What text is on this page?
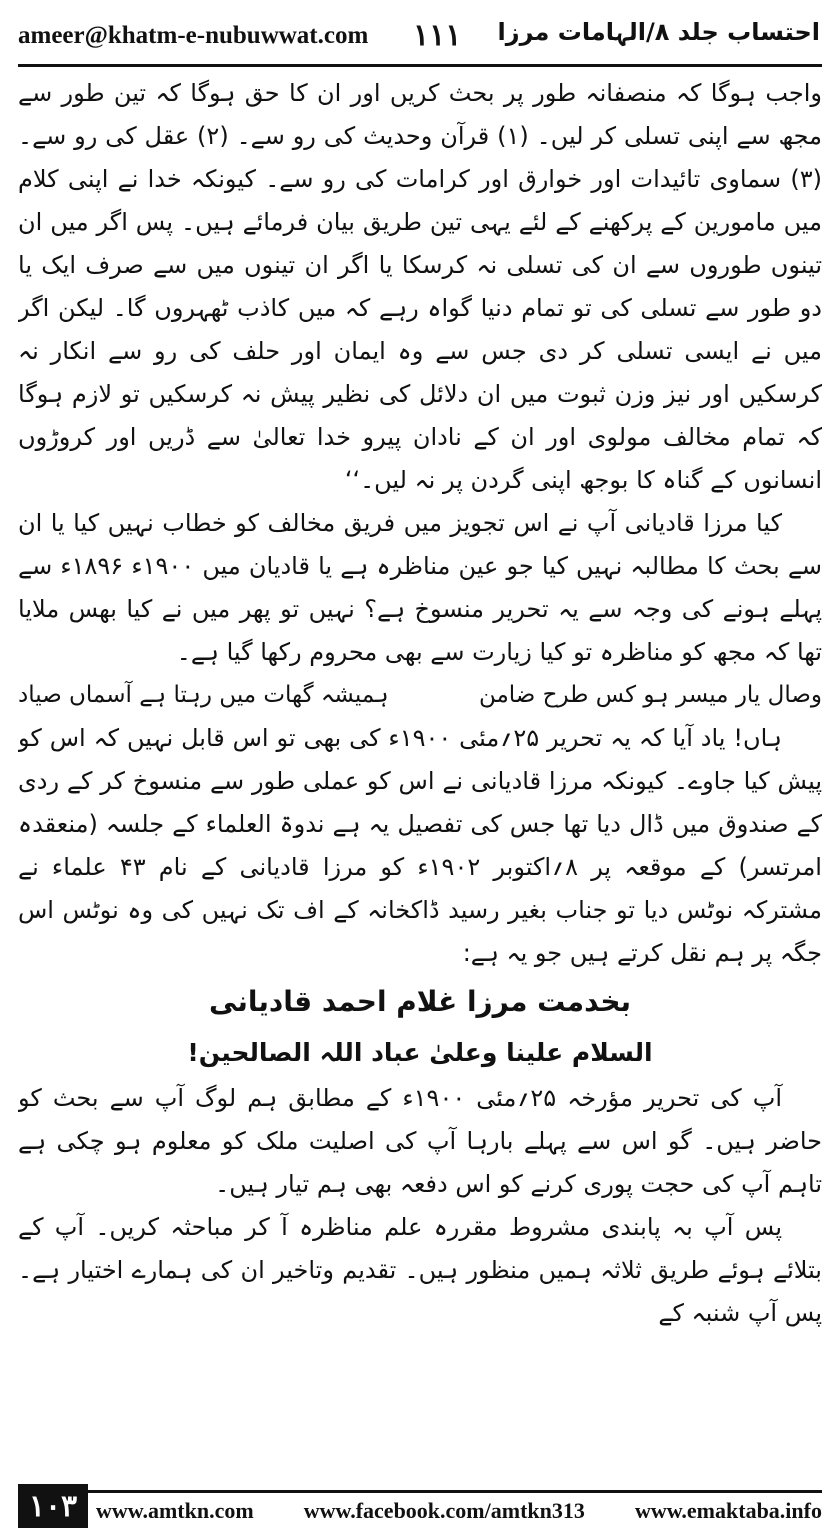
ameer@khatm-e-nubuwwat.com ۱۱۱ احتساب جلد ۸/الہامات مرزا

واجب ہوگا کہ منصفانہ طور پر بحث کریں اور ان کا حق ہوگا کہ تین طور سے مجھ سے اپنی تسلی کر لیں۔ (۱) قرآن وحدیث کی رو سے۔ (۲) عقل کی رو سے۔ (۳) سماوی تائیدات اور خوارق اور کرامات کی رو سے۔ کیونکہ خدا نے اپنی کلام میں مامورین کے پرکھنے کے لئے یہی تین طریق بیان فرمائے ہیں۔ پس اگر میں ان تینوں طوروں سے ان کی تسلی نہ کرسکا یا اگر ان تینوں میں سے صرف ایک یا دو طور سے تسلی کی تو تمام دنیا گواہ رہے کہ میں کاذب ٹھہروں گا۔ لیکن اگر میں نے ایسی تسلی کر دی جس سے وہ ایمان اور حلف کی رو سے انکار نہ کرسکیں اور نیز وزن ثبوت میں ان دلائل کی نظیر پیش نہ کرسکیں تو لازم ہوگا کہ تمام مخالف مولوی اور ان کے نادان پیرو خدا تعالیٰ سے ڈریں اور کروڑوں انسانوں کے گناہ کا بوجھ اپنی گردن پر نہ لیں۔‘‘

کیا مرزا قادیانی آپ نے اس تجویز میں فریق مخالف کو خطاب نہیں کیا یا ان سے بحث کا مطالبہ نہیں کیا جو عین مناظرہ ہے یا قادیان میں ۱۹۰۰ء ۱۸۹۶ء سے پہلے ہونے کی وجہ سے یہ تحریر منسوخ ہے؟ نہیں تو پھر میں نے کیا بھس ملایا تھا کہ مجھ کو مناظرہ تو کیا زیارت سے بھی محروم رکھا گیا ہے۔

وصال یار میسر ہو کس طرح ضامن
ہمیشہ گھات میں رہتا ہے آسماں صیاد

ہاں! یاد آیا کہ یہ تحریر ۲۵؍مئی ۱۹۰۰ء کی بھی تو اس قابل نہیں کہ اس کو پیش کیا جاوے۔ کیونکہ مرزا قادیانی نے اس کو عملی طور سے منسوخ کر کے ردی کے صندوق میں ڈال دیا تھا جس کی تفصیل یہ ہے ندوۃ العلماء کے جلسہ (منعقدہ امرتسر) کے موقعہ پر ۸؍اکتوبر ۱۹۰۲ء کو مرزا قادیانی کے نام ۴۳ علماء نے مشترکہ نوٹس دیا تو جناب بغیر رسید ڈاکخانہ کے اف تک نہیں کی وہ نوٹس اس جگہ پر ہم نقل کرتے ہیں جو یہ ہے:

بخدمت مرزا غلام احمد قادیانی

السلام علینا وعلیٰ عباد اللہ الصالحین!

آپ کی تحریر مؤرخہ ۲۵؍مئی ۱۹۰۰ء کے مطابق ہم لوگ آپ سے بحث کو حاضر ہیں۔ گو اس سے پہلے بارہا آپ کی اصلیت ملک کو معلوم ہو چکی ہے تاہم آپ کی حجت پوری کرنے کو اس دفعہ بھی ہم تیار ہیں۔

پس آپ بہ پابندی مشروط مقررہ علم مناظرہ آ کر مباحثہ کریں۔ آپ کے بتلائے ہوئے طریق ثلاثہ ہمیں منظور ہیں۔ تقدیم وتاخیر ان کی ہمارے اختیار ہے۔ پس آپ شنبہ کے

۱۰۳ www.amtkn.com www.facebook.com/amtkn313 www.emaktaba.info
